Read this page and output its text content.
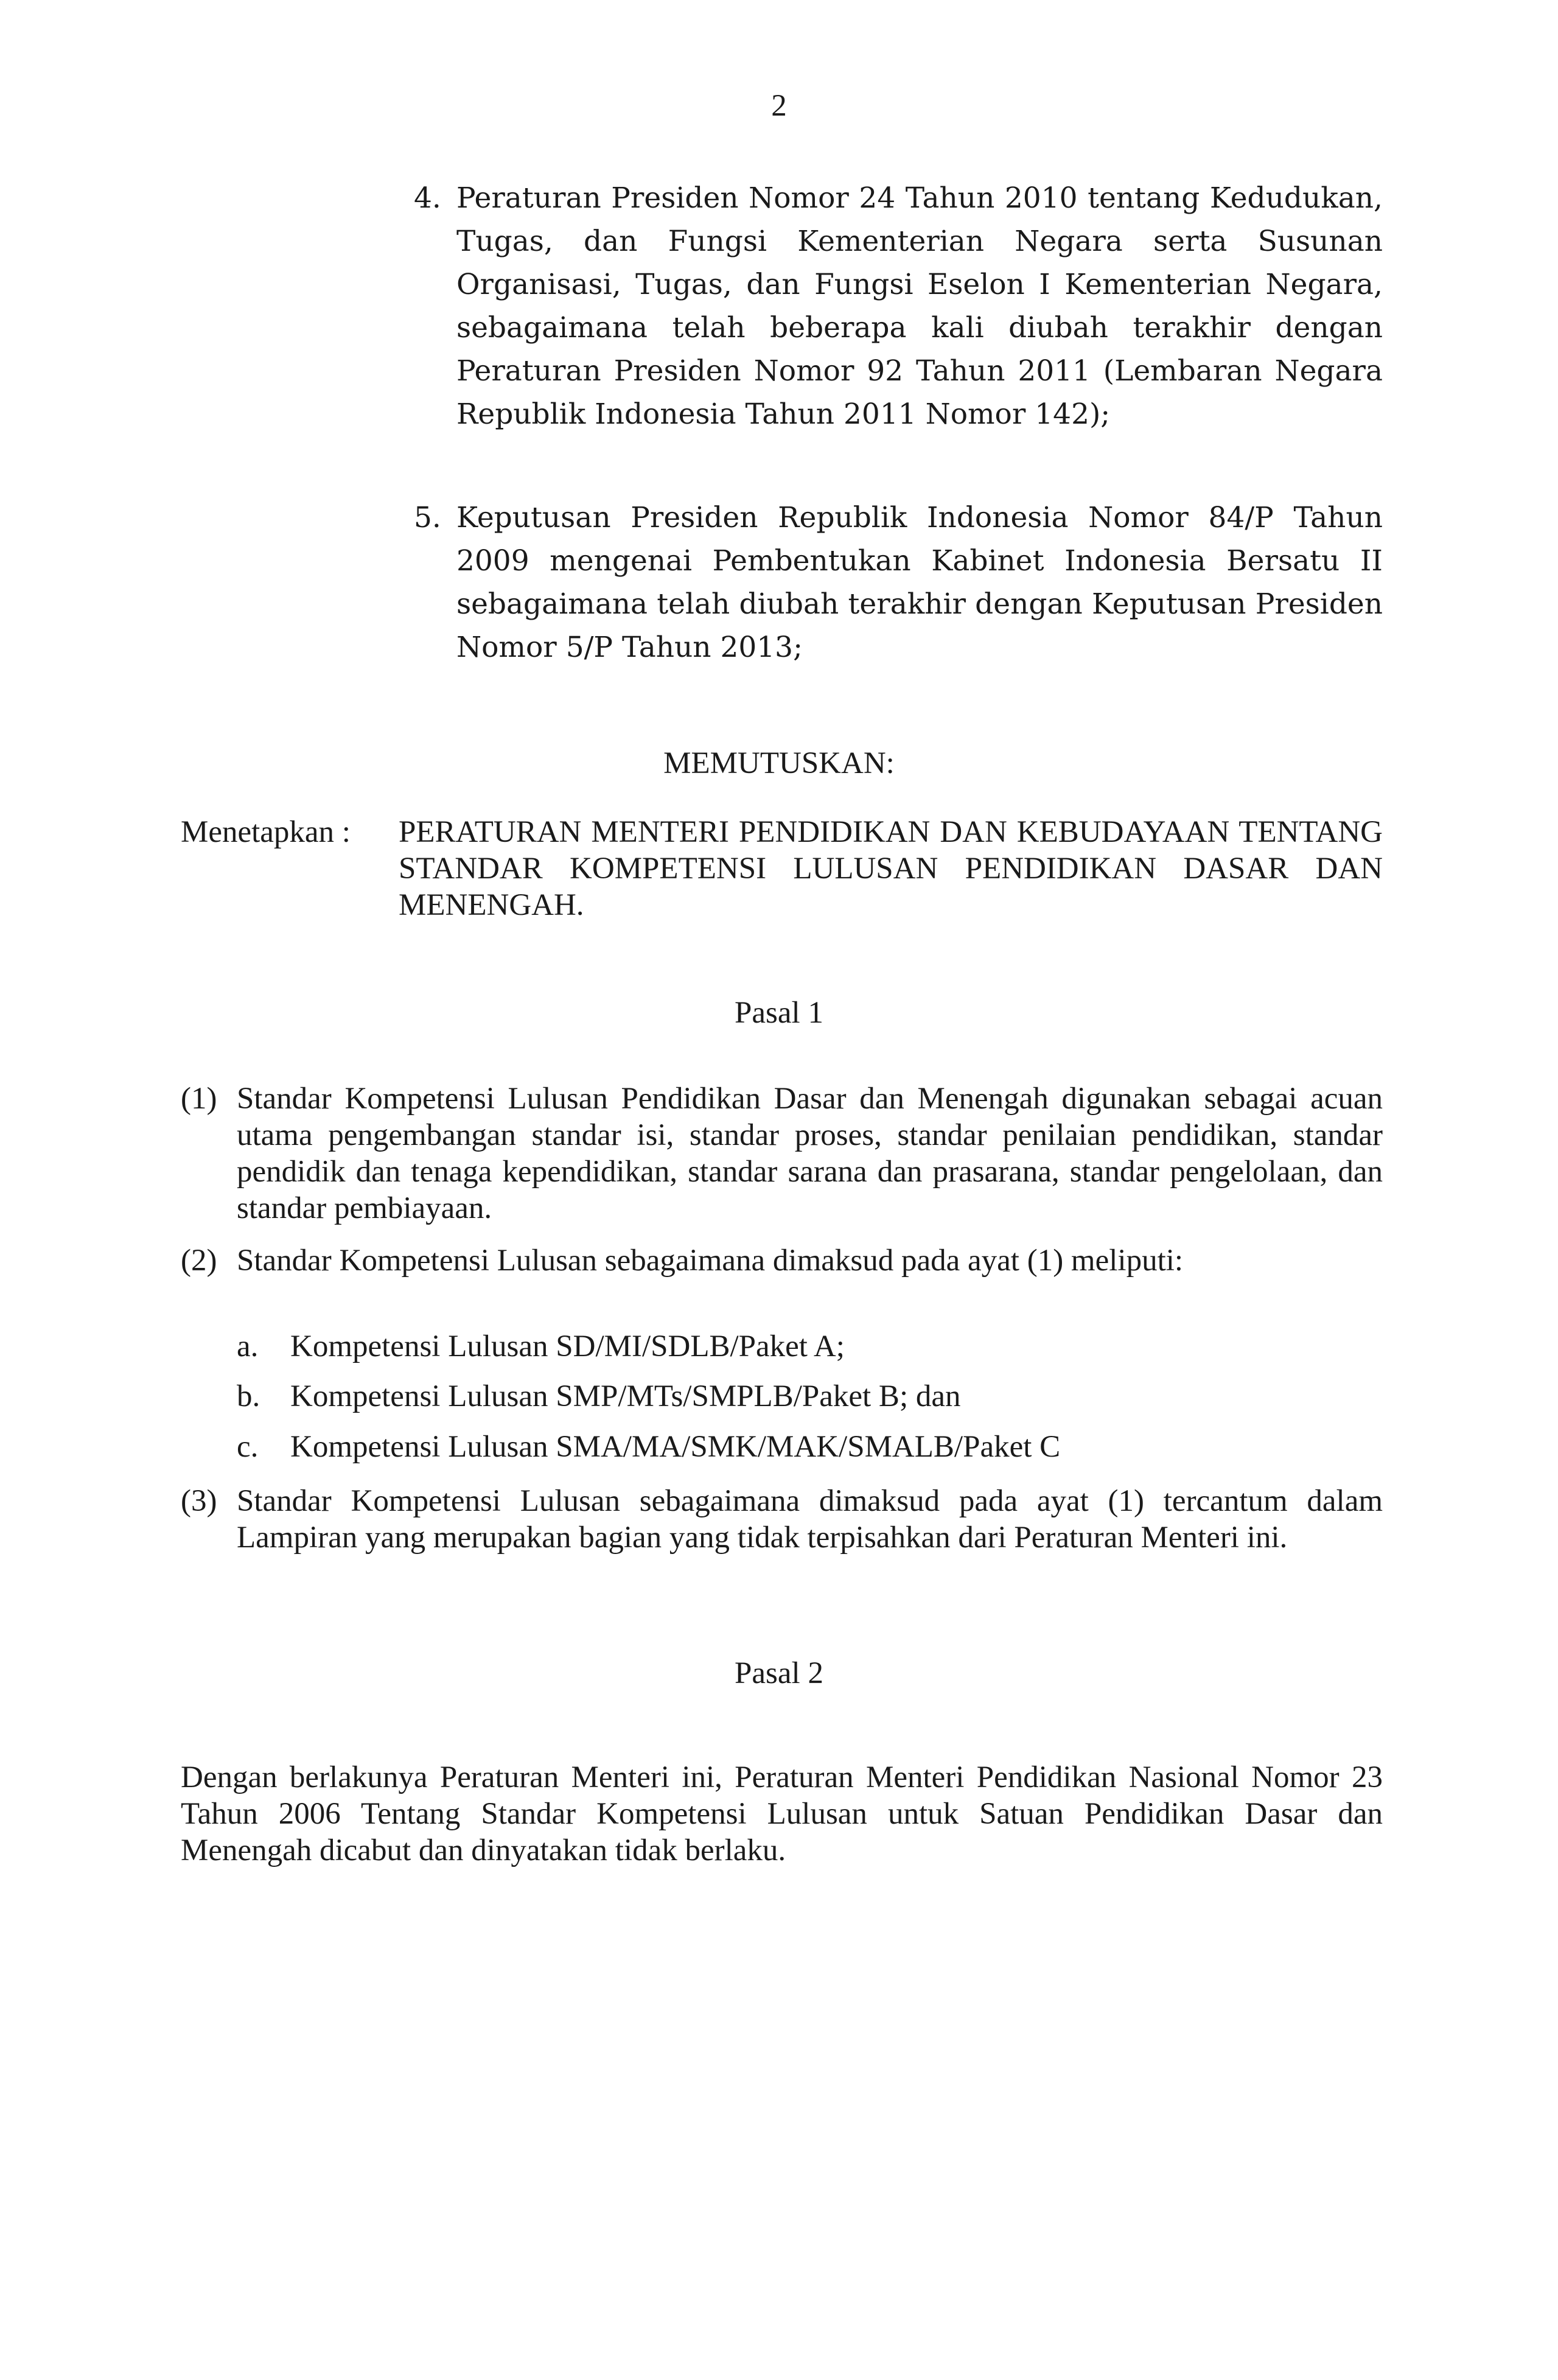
2
4. Peraturan Presiden Nomor 24 Tahun 2010 tentang Kedudukan, Tugas, dan Fungsi Kementerian Negara serta Susunan Organisasi, Tugas, dan Fungsi Eselon I Kementerian Negara, sebagaimana telah beberapa kali diubah terakhir dengan Peraturan Presiden Nomor 92 Tahun 2011 (Lembaran Negara Republik Indonesia Tahun 2011 Nomor 142);
5. Keputusan Presiden Republik Indonesia Nomor 84/P Tahun 2009 mengenai Pembentukan Kabinet Indonesia Bersatu II sebagaimana telah diubah terakhir dengan Keputusan Presiden Nomor 5/P Tahun 2013;
MEMUTUSKAN:
Menetapkan : PERATURAN MENTERI PENDIDIKAN DAN KEBUDAYAAN TENTANG STANDAR KOMPETENSI LULUSAN PENDIDIKAN DASAR DAN MENENGAH.
Pasal 1
(1) Standar Kompetensi Lulusan Pendidikan Dasar dan Menengah digunakan sebagai acuan utama pengembangan standar isi, standar proses, standar penilaian pendidikan, standar pendidik dan tenaga kependidikan, standar sarana dan prasarana, standar pengelolaan, dan standar pembiayaan.
(2) Standar Kompetensi Lulusan sebagaimana dimaksud pada ayat (1) meliputi:
a. Kompetensi Lulusan SD/MI/SDLB/Paket A;
b. Kompetensi Lulusan SMP/MTs/SMPLB/Paket B; dan
c. Kompetensi Lulusan SMA/MA/SMK/MAK/SMALB/Paket C
(3) Standar Kompetensi Lulusan sebagaimana dimaksud pada ayat (1) tercantum dalam Lampiran yang merupakan bagian yang tidak terpisahkan dari Peraturan Menteri ini.
Pasal 2
Dengan berlakunya Peraturan Menteri ini, Peraturan Menteri Pendidikan Nasional Nomor 23 Tahun 2006 Tentang Standar Kompetensi Lulusan untuk Satuan Pendidikan Dasar dan Menengah dicabut dan dinyatakan tidak berlaku.
